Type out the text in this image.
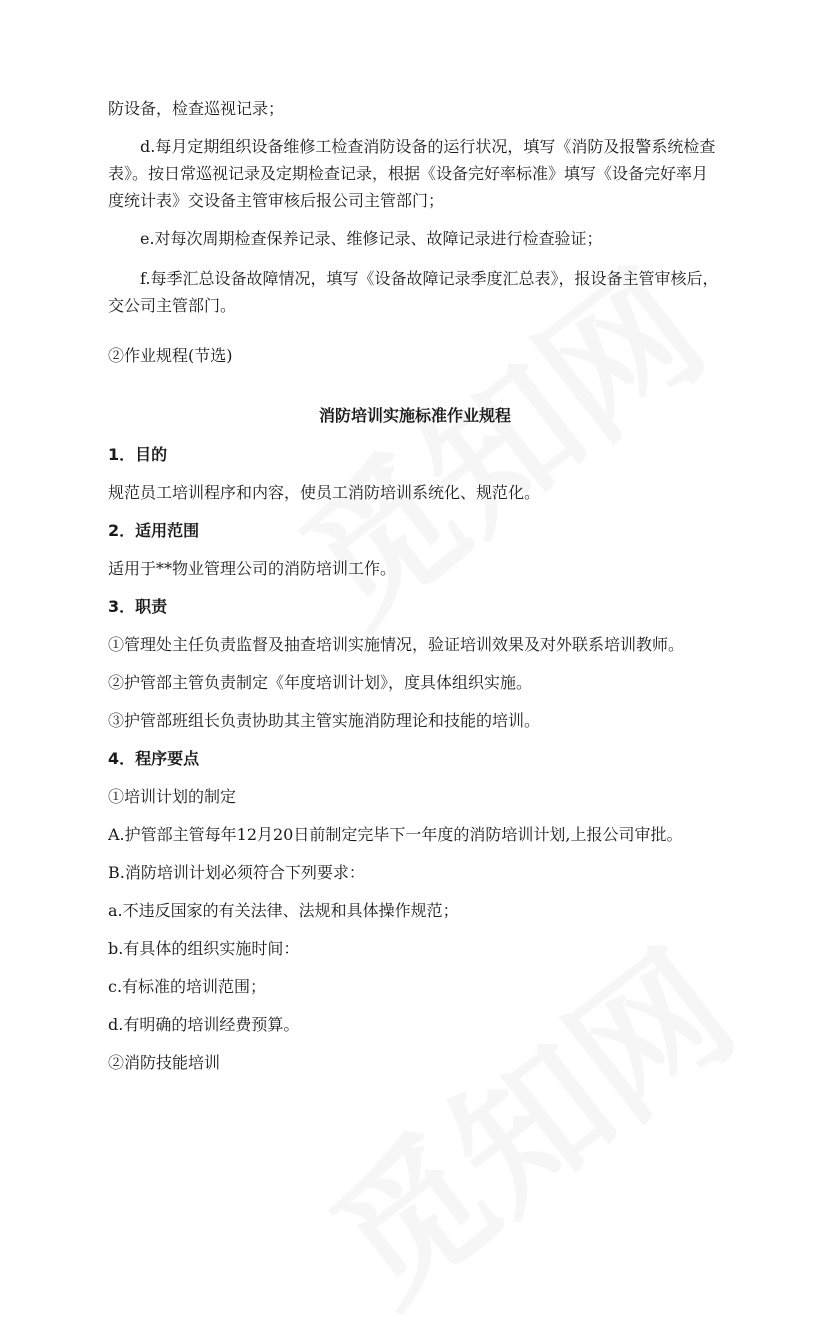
防设备，检查巡视记录；
d.每月定期组织设备维修工检查消防设备的运行状况，填写《消防及报警系统检查
表》。按日常巡视记录及定期检查记录，根据《设备完好率标准》填写《设备完好率月
度统计表》交设备主管审核后报公司主管部门；
e.对每次周期检查保养记录、维修记录、故障记录进行检查验证；
f.每季汇总设备故障情况，填写《设备故障记录季度汇总表》，报设备主管审核后，
交公司主管部门。
②作业规程(节选)
消防培训实施标准作业规程
1．目的
规范员工培训程序和内容，使员工消防培训系统化、规范化。
2．适用范围
适用于**物业管理公司的消防培训工作。
3．职责
①管理处主任负责监督及抽查培训实施情况，验证培训效果及对外联系培训教师。
②护管部主管负责制定《年度培训计划》，度具体组织实施。
③护管部班组长负责协助其主管实施消防理论和技能的培训。
4．程序要点
①培训计划的制定
A.护管部主管每年12月20日前制定完毕下一年度的消防培训计划,上报公司审批。
B.消防培训计划必须符合下列要求：
a.不违反国家的有关法律、法规和具体操作规范；
b.有具体的组织实施时间：
c.有标准的培训范围；
d.有明确的培训经费预算。
②消防技能培训
